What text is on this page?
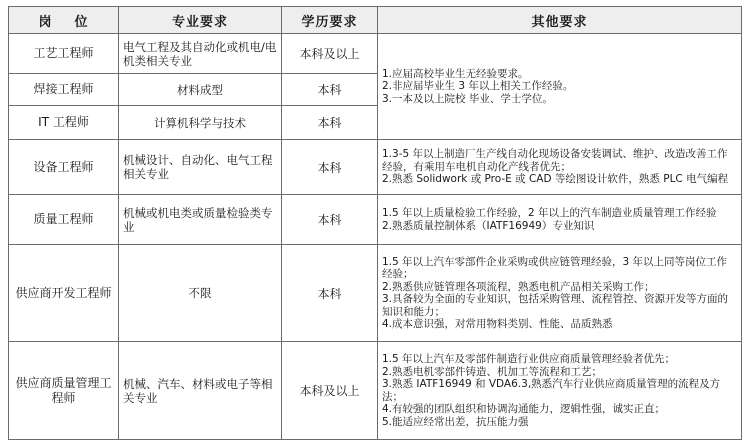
岗    位	专业要求	学历要求	其他要求
工艺工程师	电气工程及其自动化或机电/电机类相关专业	本科及以上	1.应届高校毕业生无经验要求。
2.非应届毕业生 3 年以上相关工作经验。
3.一本及以上院校 毕业、学士学位。

焊接工程师	材料成型	本科	
IT 工程师	计算机科学与技术	本科	
设备工程师	机械设计、自动化、电气工程相关专业	本科	1.3-5 年以上制造厂生产线自动化现场设备安装调试、维护、改造改善工作经验，有乘用车电机自动化产线者优先；
2.熟悉 Solidwork 或 Pro-E 或 CAD 等绘图设计软件，熟悉 PLC 电气编程

质量工程师	机械或机电类或质量检验类专业	本科	1.5 年以上质量检验工作经验，2 年以上的汽车制造业质量管理工作经验
2.熟悉质量控制体系（IATF16949）专业知识

供应商开发工程师	不限	本科	1.5 年以上汽车零部件企业采购或供应链管理经验，3 年以上同等岗位工作经验；
2.熟悉供应链管理各项流程，熟悉电机产品相关采购工作；
3.具备较为全面的专业知识，包括采购管理、流程管控、资源开发等方面的知识和能力；
4.成本意识强，对常用物料类别、性能、品质熟悉

供应商质量管理工程师	机械、汽车、材料或电子等相关专业	本科及以上	1.5 年以上汽车及零部件制造行业供应商质量管理经验者优先；
2.熟悉电机零部件铸造、机加工等流程和工艺；
3.熟悉 IATF16949 和 VDA6.3,熟悉汽车行业供应商质量管理的流程及方法；
4.有较强的团队组织和协调沟通能力，逻辑性强，诚实正直；
5.能适应经常出差，抗压能力强
